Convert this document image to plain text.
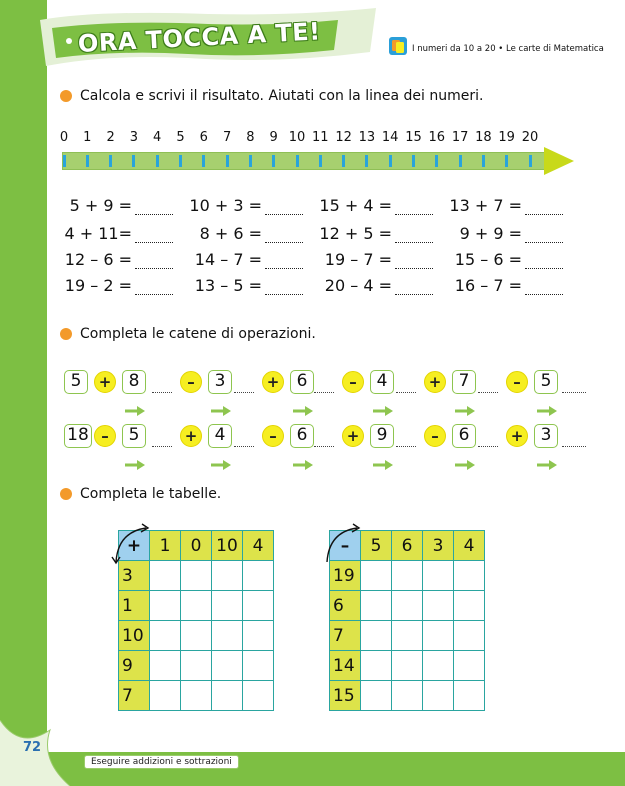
72
Eseguire addizioni e sottrazioni
ORA TOCCA A TE!	I numeri da 10 a 20 • Le carte di Matematica
Calcola e scrivi il risultato. Aiutati con la linea dei numeri.
0	1	2	3	4	5	6	7	8	9 10 11 12 13 14 15 16 17 18 19 20
5 + 9 =	10 + 3 =	15 + 4 =	13 + 7 =
4 + 11=	8 + 6 =	12 + 5 =	9 + 9 =
12 – 6 =	14 – 7 =	19 – 7 =	15 – 6 =
19 – 2 =	13 – 5 =	20 – 4 =	16 – 7 =
Completa le catene di operazioni.
5	+	8	–	3	+	6	–	4	+	7	–	5
18 –	5	+	4	–	6	+	9	–	6	+	3
Completa le tabelle.
+	1	0	10	4
3				
1				
10				
9				
7				
–	5	6	3	4
19				
6				
7				
14				
15				
